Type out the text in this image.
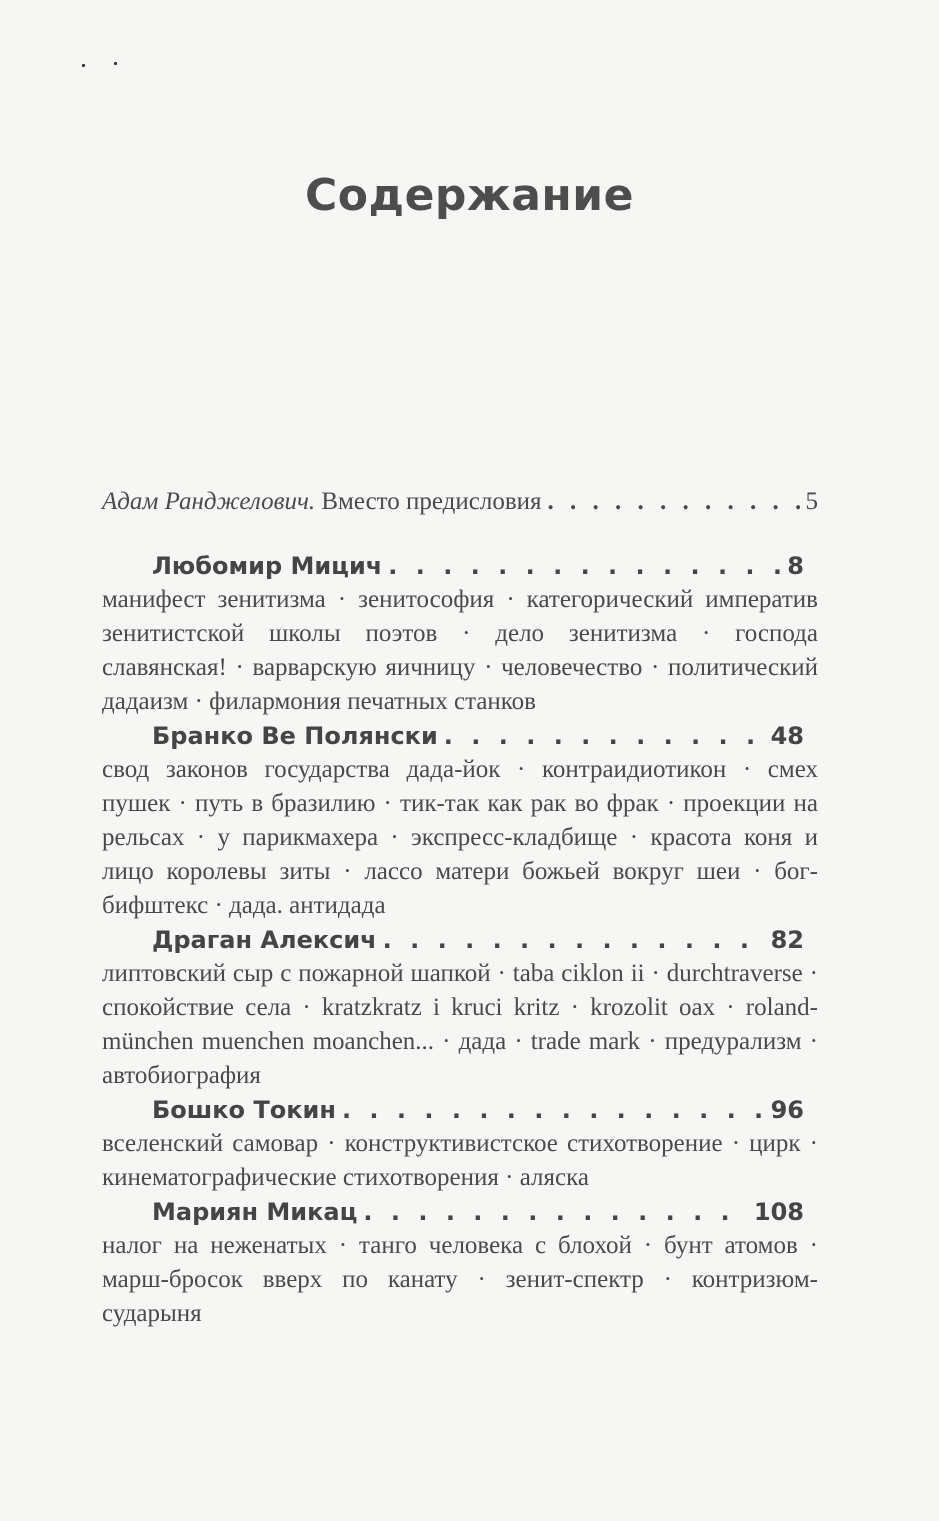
Содержание
Адам Ранджелович. Вместо предисловия . . .	5
Любомир Мицич . . .	8
манифест зенитизма · зенитософия · категорический императив зенитистской школы поэтов · дело зенитизма · господа славянская! · варварскую яичницу · человечество · политический дадаизм · филармония печатных станков
Бранко Ве Полянски . . .	48
свод законов государства дада-йок · контраидиотикон · смех пушек · путь в бразилию · тик-так как рак во фрак · проекции на рельсах · у парикмахера · экспресс-кладбище · красота коня и лицо королевы зиты · лассо матери божьей вокруг шеи · бог-бифштекс · дада. антидада
Драган Алексич . . .	82
липтовский сыр с пожарной шапкой · taba ciklon ii · durchtraverse · спокойствие села · kratzkratz i kruci kritz · krozolit oax · roland-münchen muenchen moanchen... · дада · trade mark · предурализм · автобиография
Бошко Токин . . .	96
вселенский самовар · конструктивистское стихотворение · цирк · кинематографические стихотворения · аляска
Мариян Микац . . .	108
налог на неженатых · танго человека с блохой · бунт атомов · марш-бросок вверх по канату · зенит-спектр · контризюм-сударыня
